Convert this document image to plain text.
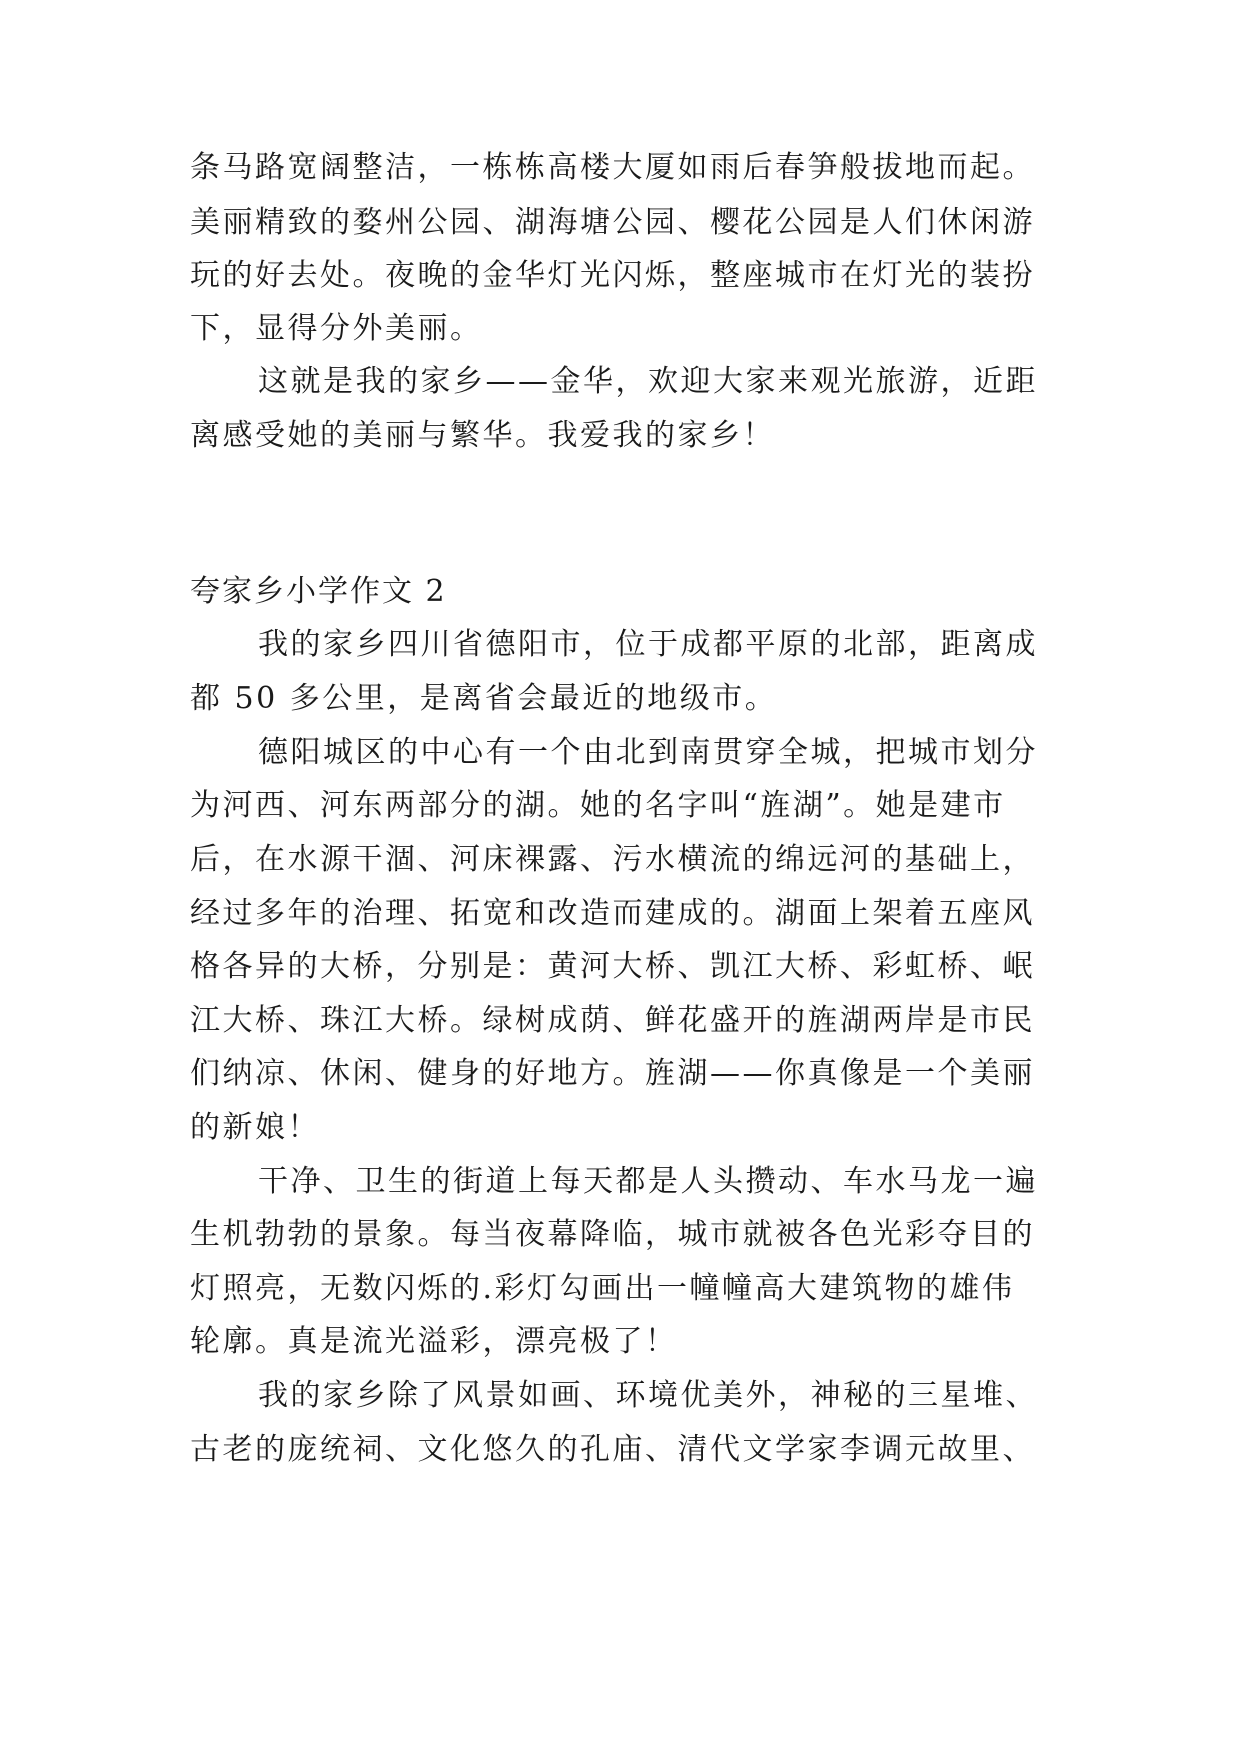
条马路宽阔整洁，一栋栋高楼大厦如雨后春笋般拔地而起。
美丽精致的婺州公园、湖海塘公园、樱花公园是人们休闲游
玩的好去处。夜晚的金华灯光闪烁，整座城市在灯光的装扮
下，显得分外美丽。
这就是我的家乡——金华，欢迎大家来观光旅游，近距
离感受她的美丽与繁华。我爱我的家乡！
夸家乡小学作文 2
我的家乡四川省德阳市，位于成都平原的北部，距离成
都 50 多公里，是离省会最近的地级市。
德阳城区的中心有一个由北到南贯穿全城，把城市划分
为河西、河东两部分的湖。她的名字叫“旌湖”。她是建市
后，在水源干涸、河床裸露、污水横流的绵远河的基础上，
经过多年的治理、拓宽和改造而建成的。湖面上架着五座风
格各异的大桥，分别是：黄河大桥、凯江大桥、彩虹桥、岷
江大桥、珠江大桥。绿树成荫、鲜花盛开的旌湖两岸是市民
们纳凉、休闲、健身的好地方。旌湖——你真像是一个美丽
的新娘！
干净、卫生的街道上每天都是人头攒动、车水马龙一遍
生机勃勃的景象。每当夜幕降临，城市就被各色光彩夺目的
灯照亮，无数闪烁的.彩灯勾画出一幢幢高大建筑物的雄伟
轮廓。真是流光溢彩，漂亮极了！
我的家乡除了风景如画、环境优美外，神秘的三星堆、
古老的庞统祠、文化悠久的孔庙、清代文学家李调元故里、
